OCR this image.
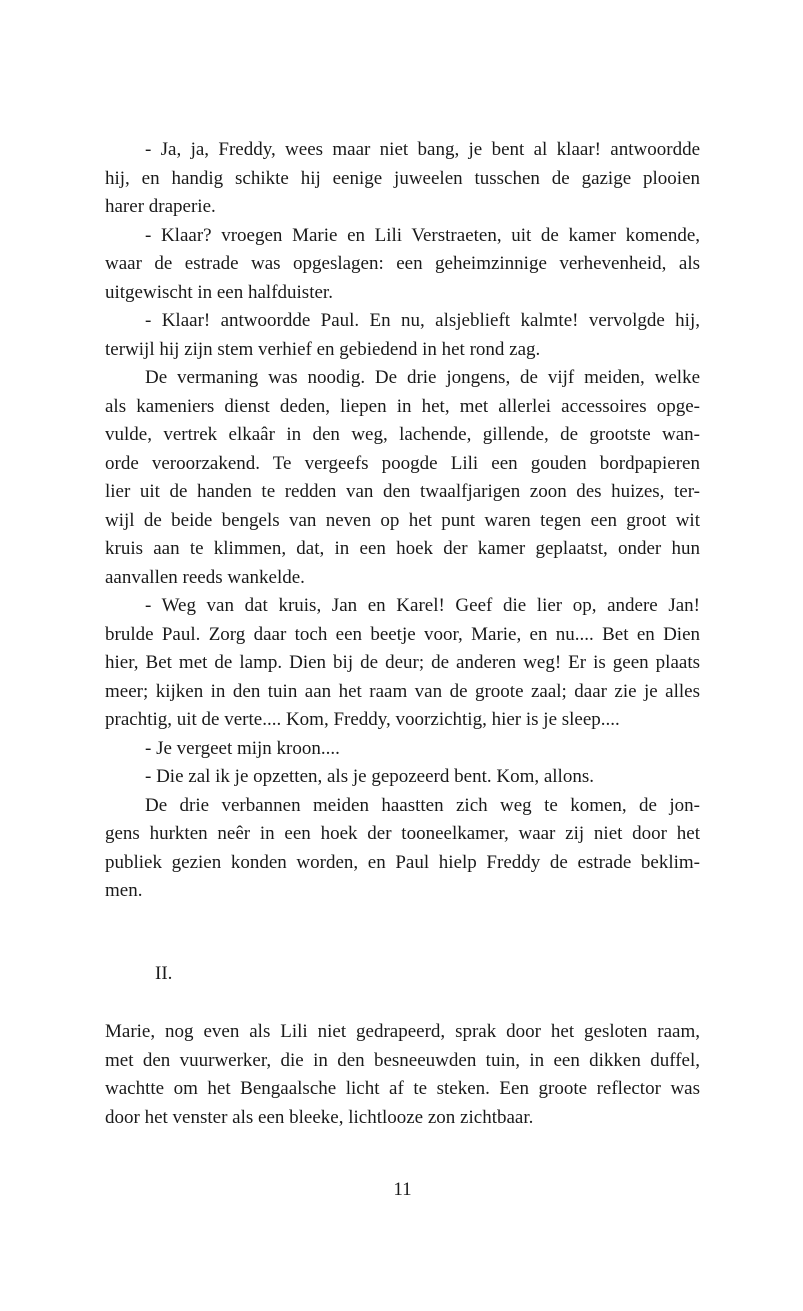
- Ja, ja, Freddy, wees maar niet bang, je bent al klaar! antwoordde
hij, en handig schikte hij eenige juweelen tusschen de gazige plooien
harer draperie.
- Klaar? vroegen Marie en Lili Verstraeten, uit de kamer komende,
waar de estrade was opgeslagen: een geheimzinnige verhevenheid, als
uitgewischt in een halfduister.
- Klaar! antwoordde Paul. En nu, alsjeblieft kalmte! vervolgde hij,
terwijl hij zijn stem verhief en gebiedend in het rond zag.
De vermaning was noodig. De drie jongens, de vijf meiden, welke
als kameniers dienst deden, liepen in het, met allerlei accessoires opge-
vulde, vertrek elkaâr in den weg, lachende, gillende, de grootste wan-
orde veroorzakend. Te vergeefs poogde Lili een gouden bordpapieren
lier uit de handen te redden van den twaalfjarigen zoon des huizes, ter-
wijl de beide bengels van neven op het punt waren tegen een groot wit
kruis aan te klimmen, dat, in een hoek der kamer geplaatst, onder hun
aanvallen reeds wankelde.
- Weg van dat kruis, Jan en Karel! Geef die lier op, andere Jan!
brulde Paul. Zorg daar toch een beetje voor, Marie, en nu.... Bet en Dien
hier, Bet met de lamp. Dien bij de deur; de anderen weg! Er is geen plaats
meer; kijken in den tuin aan het raam van de groote zaal; daar zie je alles
prachtig, uit de verte.... Kom, Freddy, voorzichtig, hier is je sleep....
- Je vergeet mijn kroon....
- Die zal ik je opzetten, als je gepozeerd bent. Kom, allons.
De drie verbannen meiden haastten zich weg te komen, de jon-
gens hurkten neêr in een hoek der tooneelkamer, waar zij niet door het
publiek gezien konden worden, en Paul hielp Freddy de estrade beklim-
men.
II.
Marie, nog even als Lili niet gedrapeerd, sprak door het gesloten raam,
met den vuurwerker, die in den besneeuwden tuin, in een dikken duffel,
wachtte om het Bengaalsche licht af te steken. Een groote reflector was
door het venster als een bleeke, lichtlooze zon zichtbaar.
11
